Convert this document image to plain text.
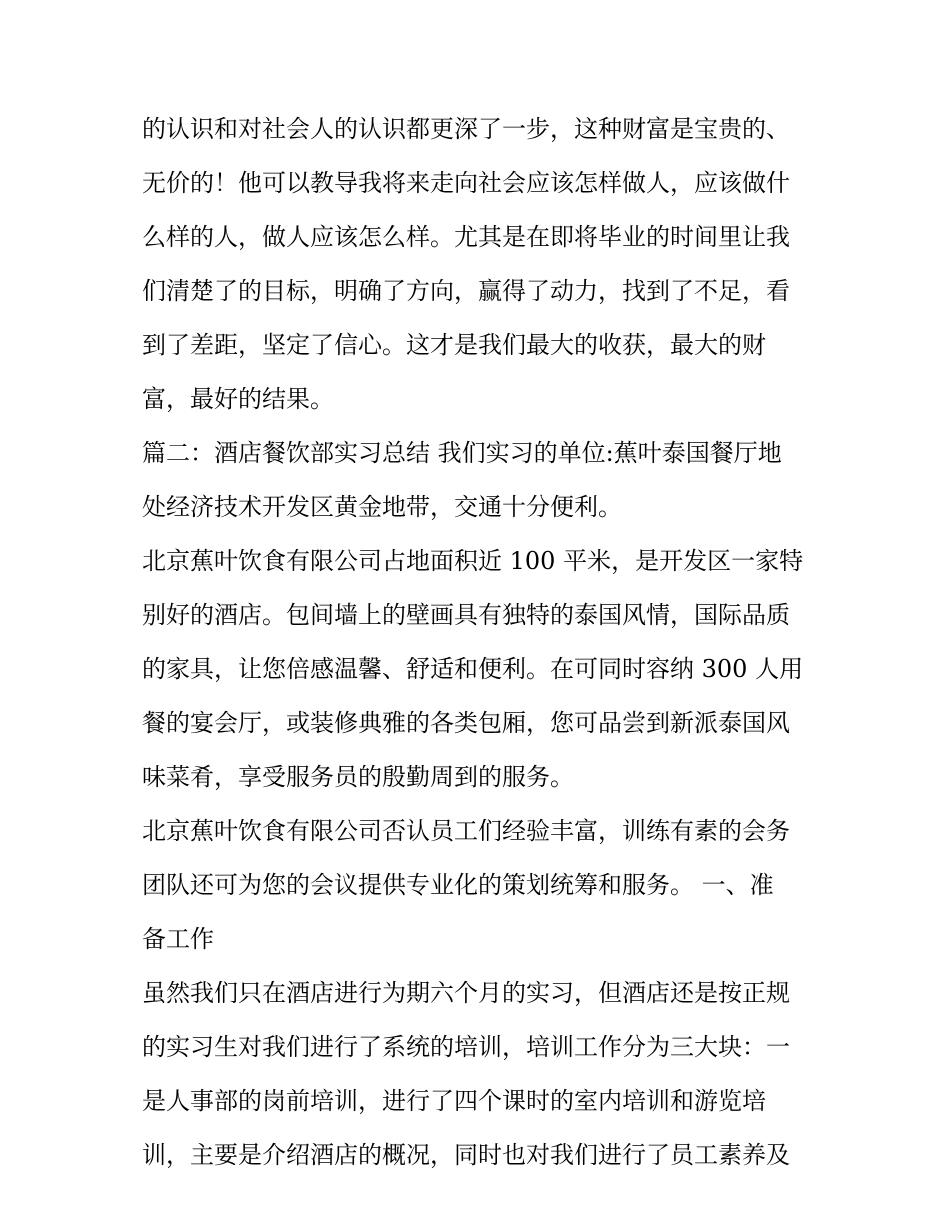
的认识和对社会人的认识都更深了一步，这种财富是宝贵的、
无价的！他可以教导我将来走向社会应该怎样做人，应该做什
么样的人，做人应该怎么样。尤其是在即将毕业的时间里让我
们清楚了的目标，明确了方向，赢得了动力，找到了不足，看
到了差距，坚定了信心。这才是我们最大的收获，最大的财
富，最好的结果。
篇二：酒店餐饮部实习总结 我们实习的单位:蕉叶泰国餐厅地
处经济技术开发区黄金地带，交通十分便利。
北京蕉叶饮食有限公司占地面积近 100 平米，是开发区一家特
别好的酒店。包间墙上的壁画具有独特的泰国风情，国际品质
的家具，让您倍感温馨、舒适和便利。在可同时容纳 300 人用
餐的宴会厅，或装修典雅的各类包厢，您可品尝到新派泰国风
味菜肴，享受服务员的殷勤周到的服务。
北京蕉叶饮食有限公司否认员工们经验丰富，训练有素的会务
团队还可为您的会议提供专业化的策划统筹和服务。 一、准
备工作
虽然我们只在酒店进行为期六个月的实习，但酒店还是按正规
的实习生对我们进行了系统的培训，培训工作分为三大块：一
是人事部的岗前培训，进行了四个课时的室内培训和游览培
训，主要是介绍酒店的概况，同时也对我们进行了员工素养及
